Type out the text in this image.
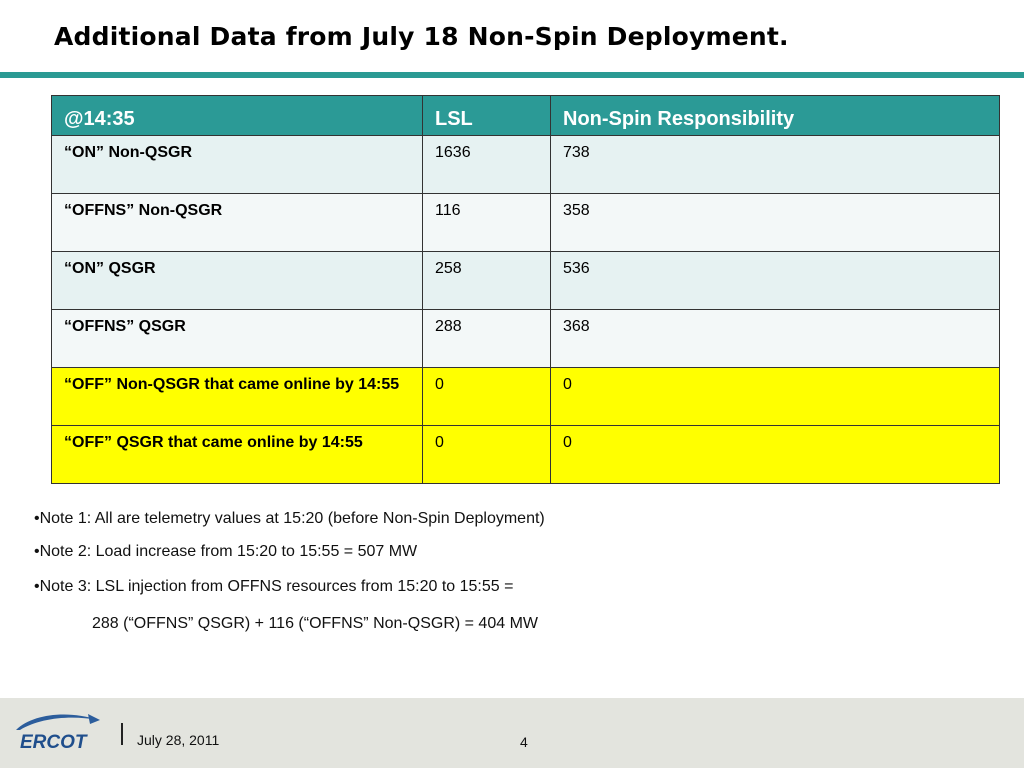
Additional Data from July 18 Non-Spin Deployment.
@14:35	LSL	Non-Spin Responsibility
“ON” Non-QSGR	1636	738
“OFFNS” Non-QSGR	116	358
“ON” QSGR	258	536
“OFFNS” QSGR	288	368
“OFF” Non-QSGR that came online by 14:55	0	0
“OFF” QSGR that came online by 14:55	0	0
•Note 1: All are telemetry values at 15:20 (before Non-Spin Deployment)
•Note 2: Load increase from 15:20 to 15:55 = 507 MW
•Note 3: LSL injection from OFFNS resources from 15:20 to 15:55 =
288 (“OFFNS” QSGR) + 116 (“OFFNS” Non-QSGR) = 404 MW
ERCOT	July 28, 2011	4
